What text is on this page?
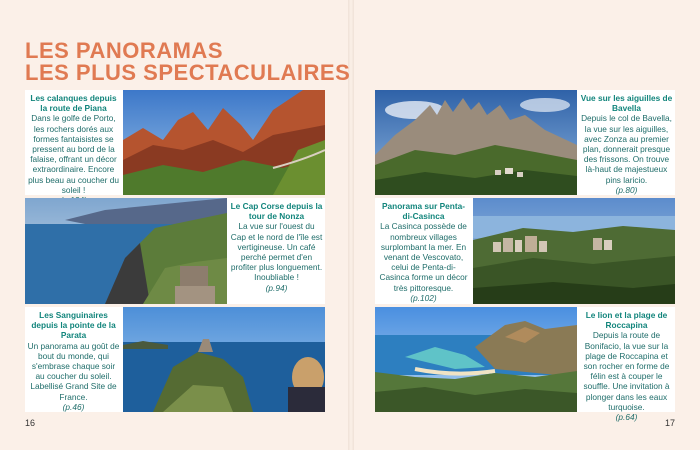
LES PANORAMAS
LES PLUS SPECTACULAIRES
Les calanques depuis la route de Piana
Dans le golfe de Porto, les rochers dorés aux formes fantaisistes se pressent au bord de la falaise, offrant un décor extraordinaire. Encore plus beau au coucher du soleil !
Le Cap Corse depuis la tour de Nonza
La vue sur l'ouest du Cap et le nord de l'île est vertigineuse. Un café perché permet d'en profiter plus longuement. Inoubliable !
(p.94)
Les Sanguinaires depuis la pointe de la Parata
Un panorama au goût de bout du monde, qui s'embrase chaque soir au coucher du soleil. Labellisé Grand Site de France.
(p.46)
Vue sur les aiguilles de Bavella
Depuis le col de Bavella, la vue sur les aiguilles, avec Zonza au premier plan, donnerait presque des frissons. On trouve là-haut de majestueux pins laricio.
(p.80)
Panorama sur Penta-di-Casinca
La Casinca possède de nombreux villages surplombant la mer. En venant de Vescovato, celui de Penta-di-Casinca forme un décor très pittoresque.
(p.102)
Le lion et la plage de Roccapina
Depuis la route de Bonifacio, la vue sur la plage de Roccapina et son rocher en forme de félin est à couper le souffle. Une invitation à plonger dans les eaux turquoise.
(p.64)
16	17
